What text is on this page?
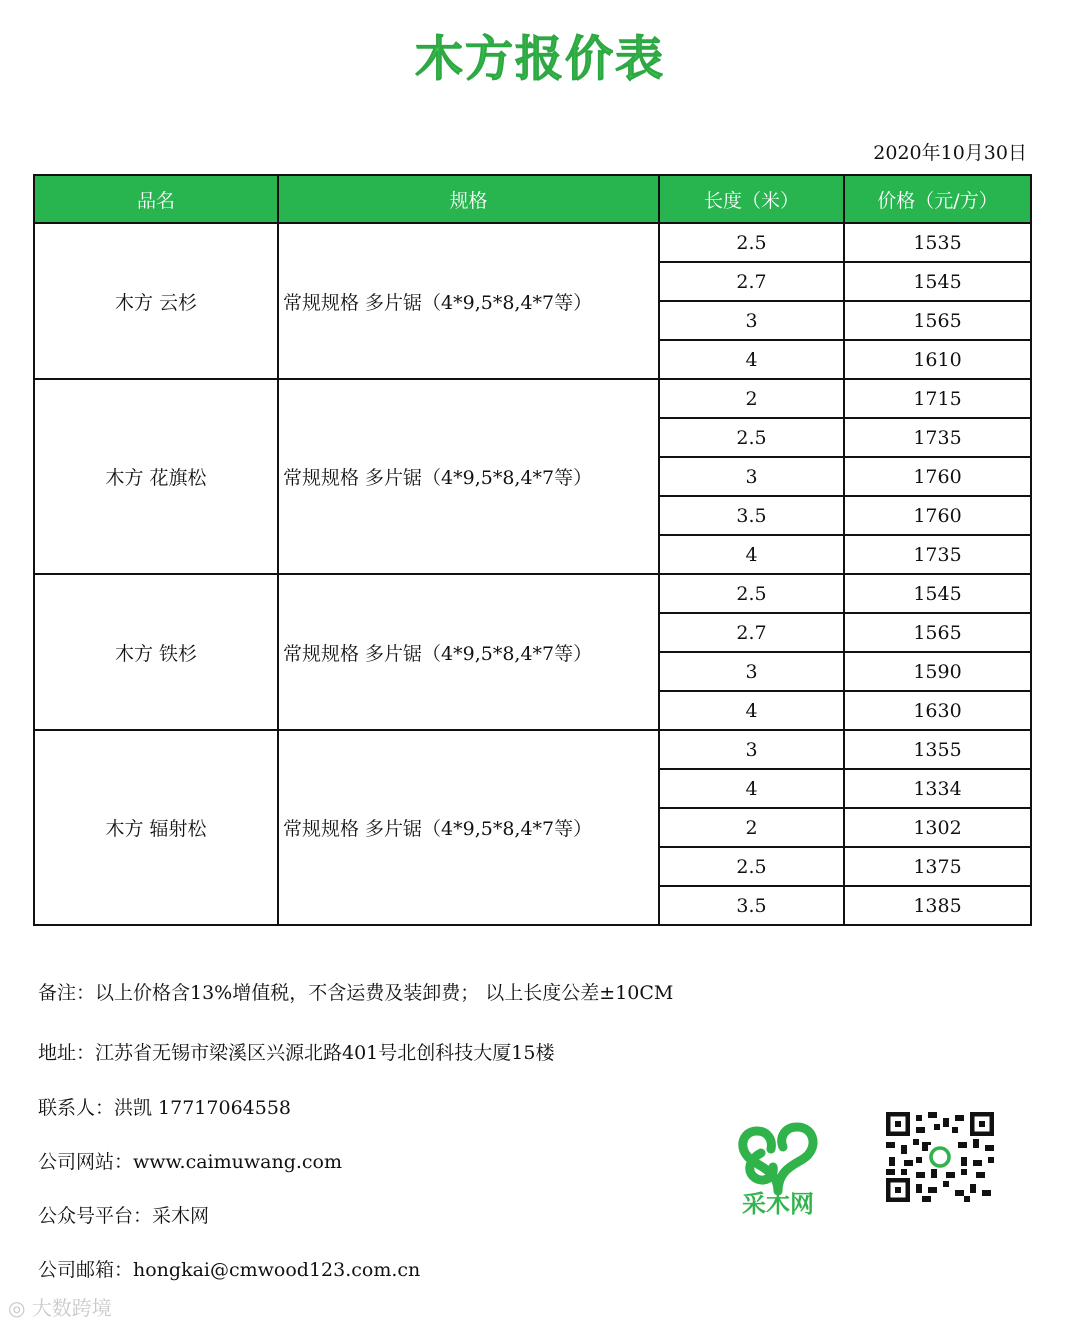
木方报价表
2020年10月30日
品名	规格	长度（米）	价格（元/方）
木方 云杉	常规规格 多片锯（4*9,5*8,4*7等）	2.5	1535
		2.7	1545
		3	1565
		4	1610
木方 花旗松	常规规格 多片锯（4*9,5*8,4*7等）	2	1715
		2.5	1735
		3	1760
		3.5	1760
		4	1735
木方 铁杉	常规规格 多片锯（4*9,5*8,4*7等）	2.5	1545
		2.7	1565
		3	1590
		4	1630
木方 辐射松	常规规格 多片锯（4*9,5*8,4*7等）	3	1355
		4	1334
		2	1302
		2.5	1375
		3.5	1385
备注：以上价格含13%增值税，不含运费及装卸费； 以上长度公差±10CM
地址：江苏省无锡市梁溪区兴源北路401号北创科技大厦15楼
联系人：洪凯 17717064558
公司网站：www.caimuwang.com
公众号平台：采木网
公司邮箱：hongkai@cmwood123.com.cn
采木网
◎ 大数跨境
